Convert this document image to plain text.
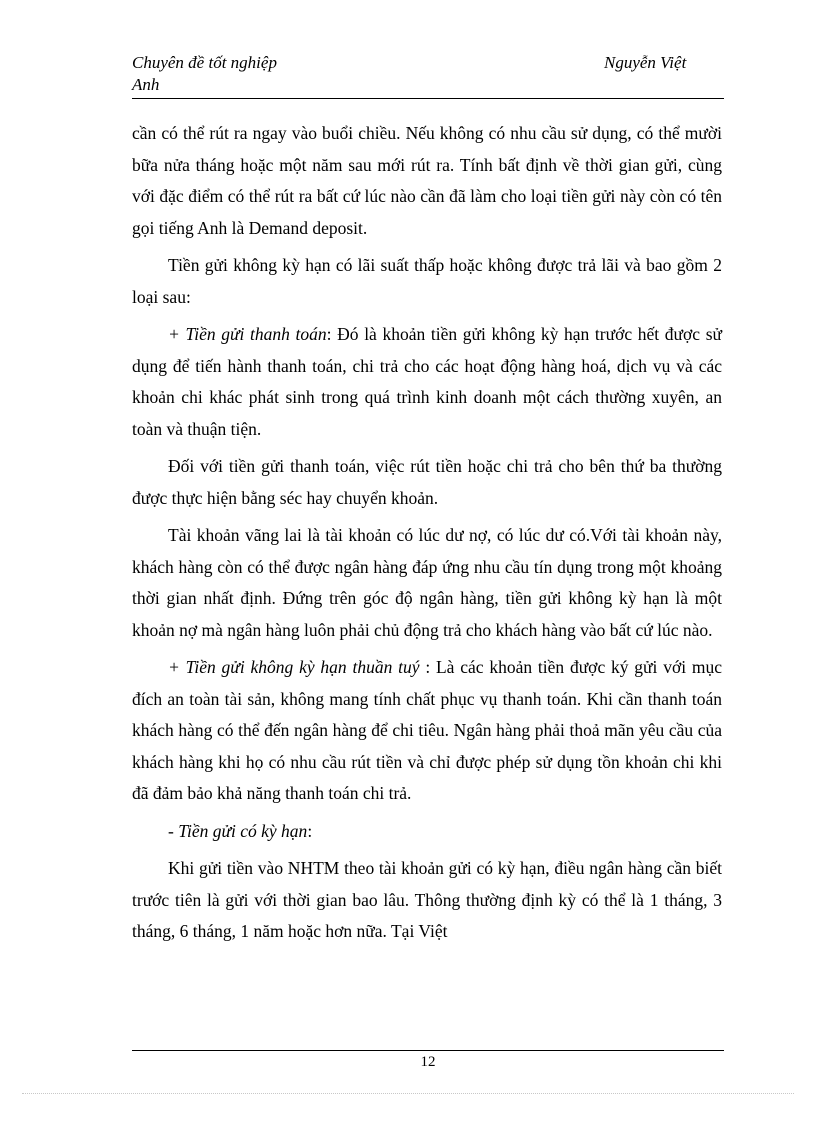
Chuyên đề tốt nghiệp
Anh
Nguyễn Việt

cần có thể rút ra ngay vào buổi chiều. Nếu không có nhu cầu sử dụng, có thể mười bữa nửa tháng hoặc một năm sau mới rút ra. Tính bất định về thời gian gửi, cùng với đặc điểm có thể rút ra bất cứ lúc nào cần đã làm cho loại tiền gửi này còn có tên gọi tiếng Anh là Demand deposit.

Tiền gửi không kỳ hạn có lãi suất thấp hoặc không được trả lãi và bao gồm 2 loại sau:

+ Tiền gửi thanh toán: Đó là khoản tiền gửi không kỳ hạn trước hết được sử dụng để tiến hành thanh toán, chi trả cho các hoạt động hàng hoá, dịch vụ và các khoản chi khác phát sinh trong quá trình kinh doanh một cách thường xuyên, an toàn và thuận tiện.

Đối với tiền gửi thanh toán, việc rút tiền hoặc chi trả cho bên thứ ba thường được thực hiện bằng séc hay chuyển khoản.

Tài khoản vãng lai là tài khoản có lúc dư nợ, có lúc dư có.Với tài khoản này, khách hàng còn có thể được ngân hàng đáp ứng nhu cầu tín dụng trong một khoảng thời gian nhất định. Đứng trên góc độ ngân hàng, tiền gửi không kỳ hạn là một khoản nợ mà ngân hàng luôn phải chủ động trả cho khách hàng vào bất cứ lúc nào.

+ Tiền gửi không kỳ hạn thuần tuý : Là các khoản tiền được ký gửi với mục đích an toàn tài sản, không mang tính chất phục vụ thanh toán. Khi cần thanh toán khách hàng có thể đến ngân hàng để chi tiêu. Ngân hàng phải thoả mãn yêu cầu của khách hàng khi họ có nhu cầu rút tiền và chỉ được phép sử dụng tồn khoản chi khi đã đảm bảo khả năng thanh toán chi trả.

- Tiền gửi có kỳ hạn:

Khi gửi tiền vào NHTM theo tài khoản gửi có kỳ hạn, điều ngân hàng cần biết trước tiên là gửi với thời gian bao lâu. Thông thường định kỳ có thể là 1 tháng, 3 tháng, 6 tháng, 1 năm hoặc hơn nữa. Tại Việt

12
